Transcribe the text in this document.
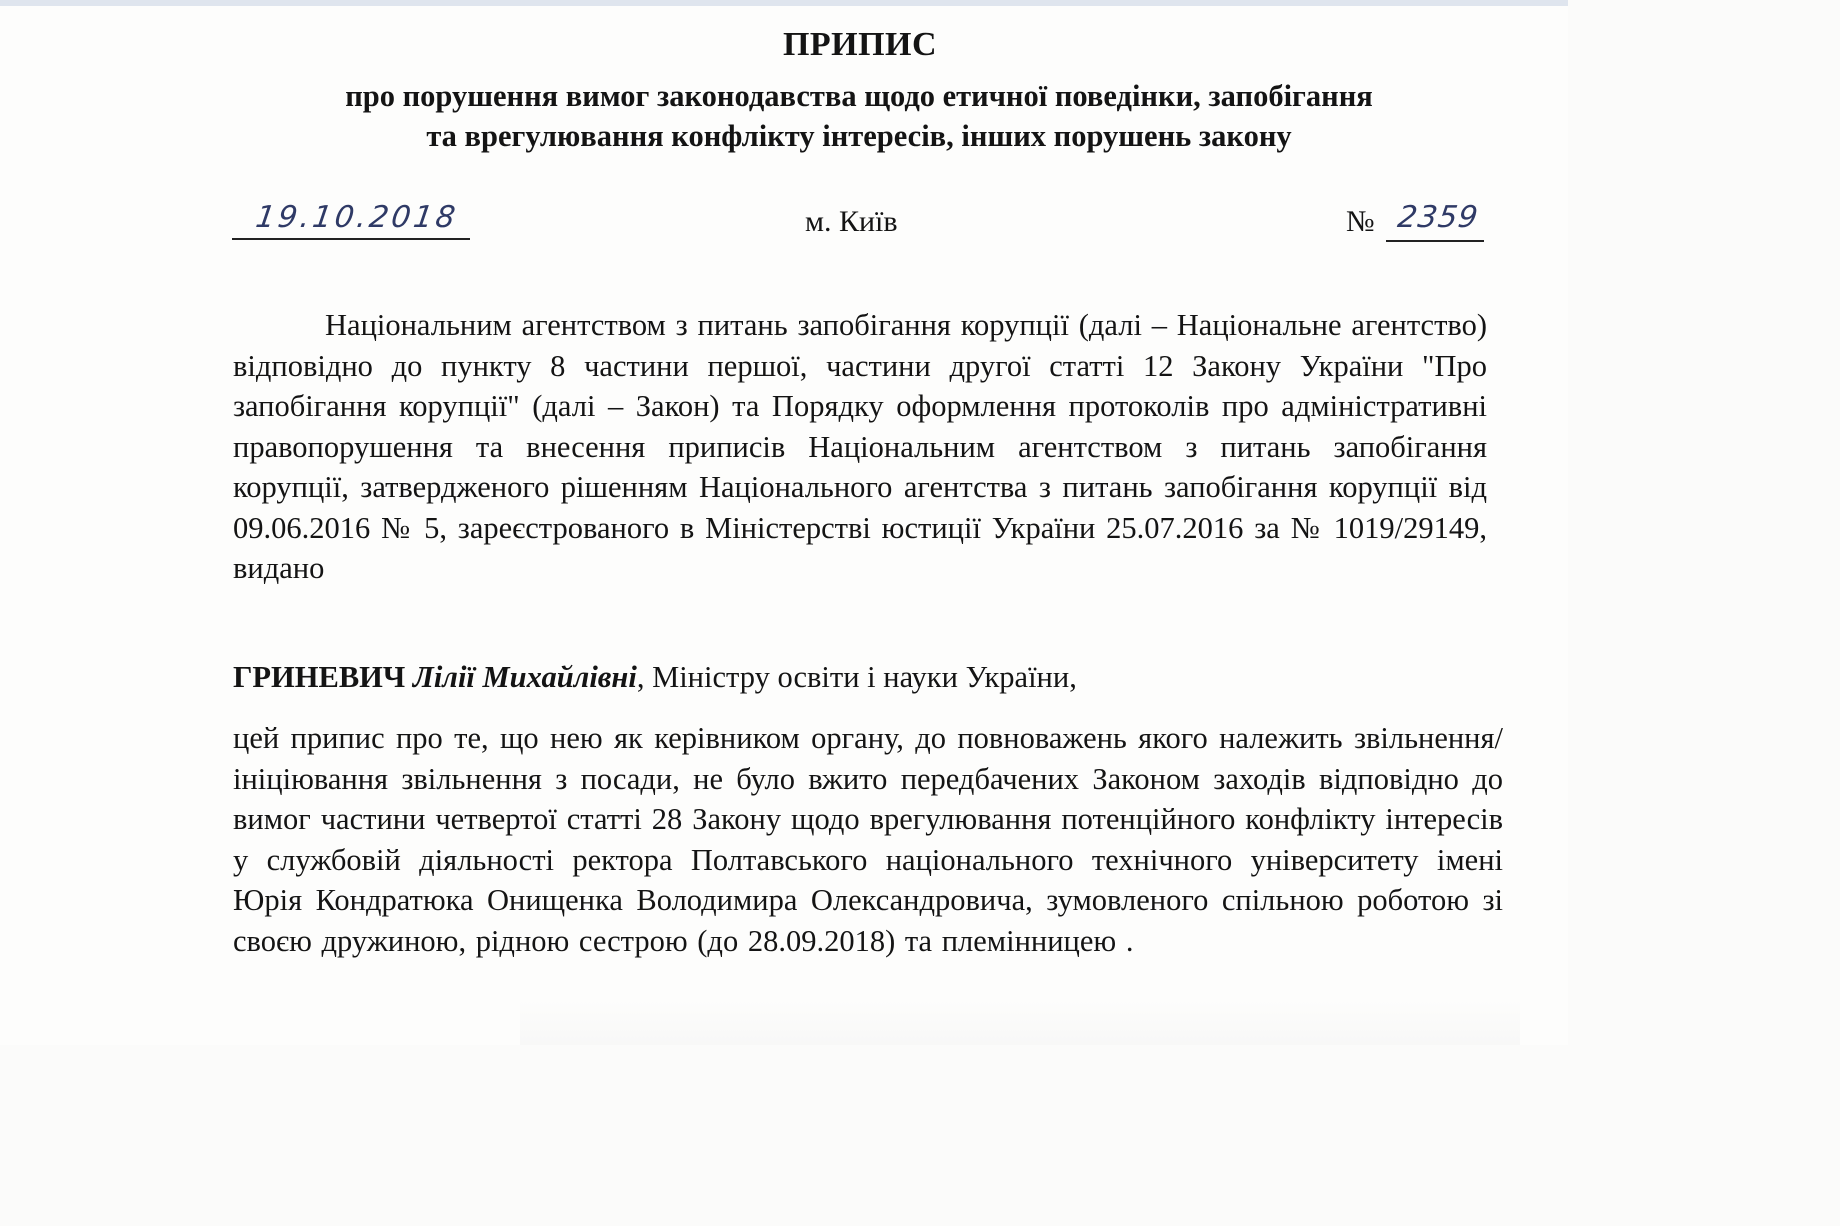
ПРИПИС
про порушення вимог законодавства щодо етичної поведінки, запобігання
та врегулювання конфлікту інтересів, інших порушень закону
19.10.2018	м. Київ	№ 2359

Національним агентством з питань запобігання корупції (далі – Національне агентство) відповідно до пункту 8 частини першої, частини другої статті 12 Закону України "Про запобігання корупції" (далі – Закон) та Порядку оформлення протоколів про адміністративні правопорушення та внесення приписів Національним агентством з питань запобігання корупції, затвердженого рішенням Національного агентства з питань запобігання корупції від 09.06.2016 № 5, зареєстрованого в Міністерстві юстиції України 25.07.2016 за № 1019/29149, видано

ГРИНЕВИЧ Лілії Михайлівні, Міністру освіти і науки України,

цей припис про те, що нею як керівником органу, до повноважень якого належить звільнення/ініціювання звільнення з посади, не було вжито передбачених Законом заходів відповідно до вимог частини четвертої статті 28 Закону щодо врегулювання потенційного конфлікту інтересів у службовій діяльності ректора Полтавського національного технічного університету імені Юрія Кондратюка Онищенка Володимира Олександровича, зумовленого спільною роботою зі своєю дружиною, рідною сестрою (до 28.09.2018) та племінницею .
